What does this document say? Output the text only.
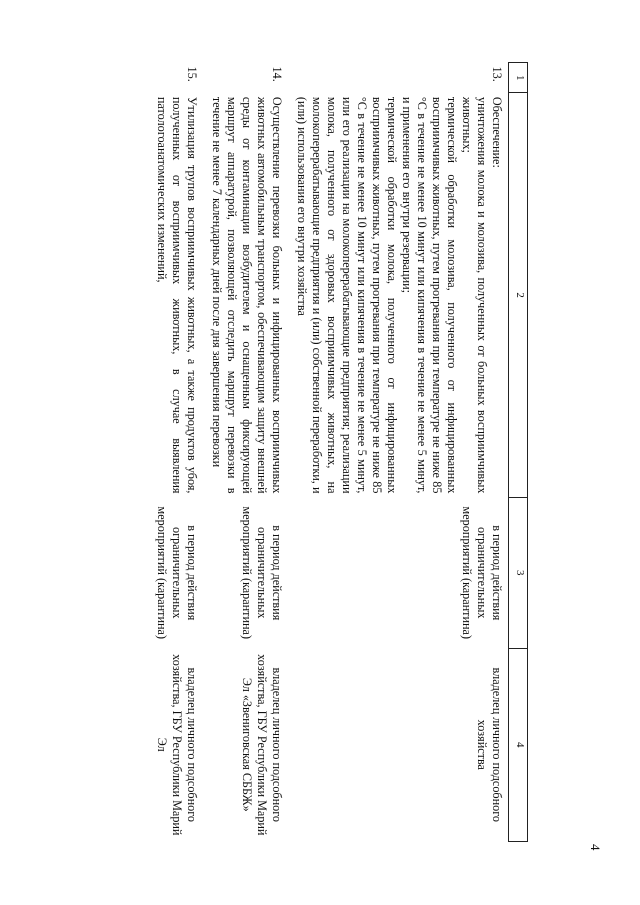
1	2	3	4
13.	Обеспечение:
уничтожения молока и молозива, полученных от больных восприимчивых животных;
термической обработки молозива, полученного от инфицированных восприимчивых животных, путем прогревания при температуре не ниже 85 °С в течение не менее 10 минут или кипячения в течение не менее 5 минут, и применения его внутри резервации;
термической обработки молока, полученного от инфицированных восприимчивых животных, путем прогревания при температуре не ниже 85 °С в течение не менее 10 минут или кипячения в течение не менее 5 минут, или его реализации на молокоперерабатывающие предприятия; реализации молока, полученного от здоровых восприимчивых животных, на молокоперерабатывающие предприятия и (или) собственной переработки, и (или) использования его внутри хозяйства	в период действия ограничительных мероприятий (карантина)	владелец личного подсобного хозяйства
14.	Осуществление перевозки больных и инфицированных восприимчивых животных автомобильным транспортом, обеспечивающим защиту внешней среды от контаминации возбудителем и оснащенным фиксирующей маршрут аппаратурой, позволяющей отследить маршрут перевозки в течение не менее 7 календарных дней после дня завершения перевозки	в период действия ограничительных мероприятий (карантина)	владелец личного подсобного хозяйства, ГБУ Республики Марий Эл «Звениговская СББЖ»
15.	Утилизация трупов восприимчивых животных, а также продуктов убоя, полученных от восприимчивых животных, в случае выявления патологоанатомических изменений,	в период действия ограничительных мероприятий (карантина)	владелец личного подсобного хозяйства, ГБУ Республики Марий Эл
4
